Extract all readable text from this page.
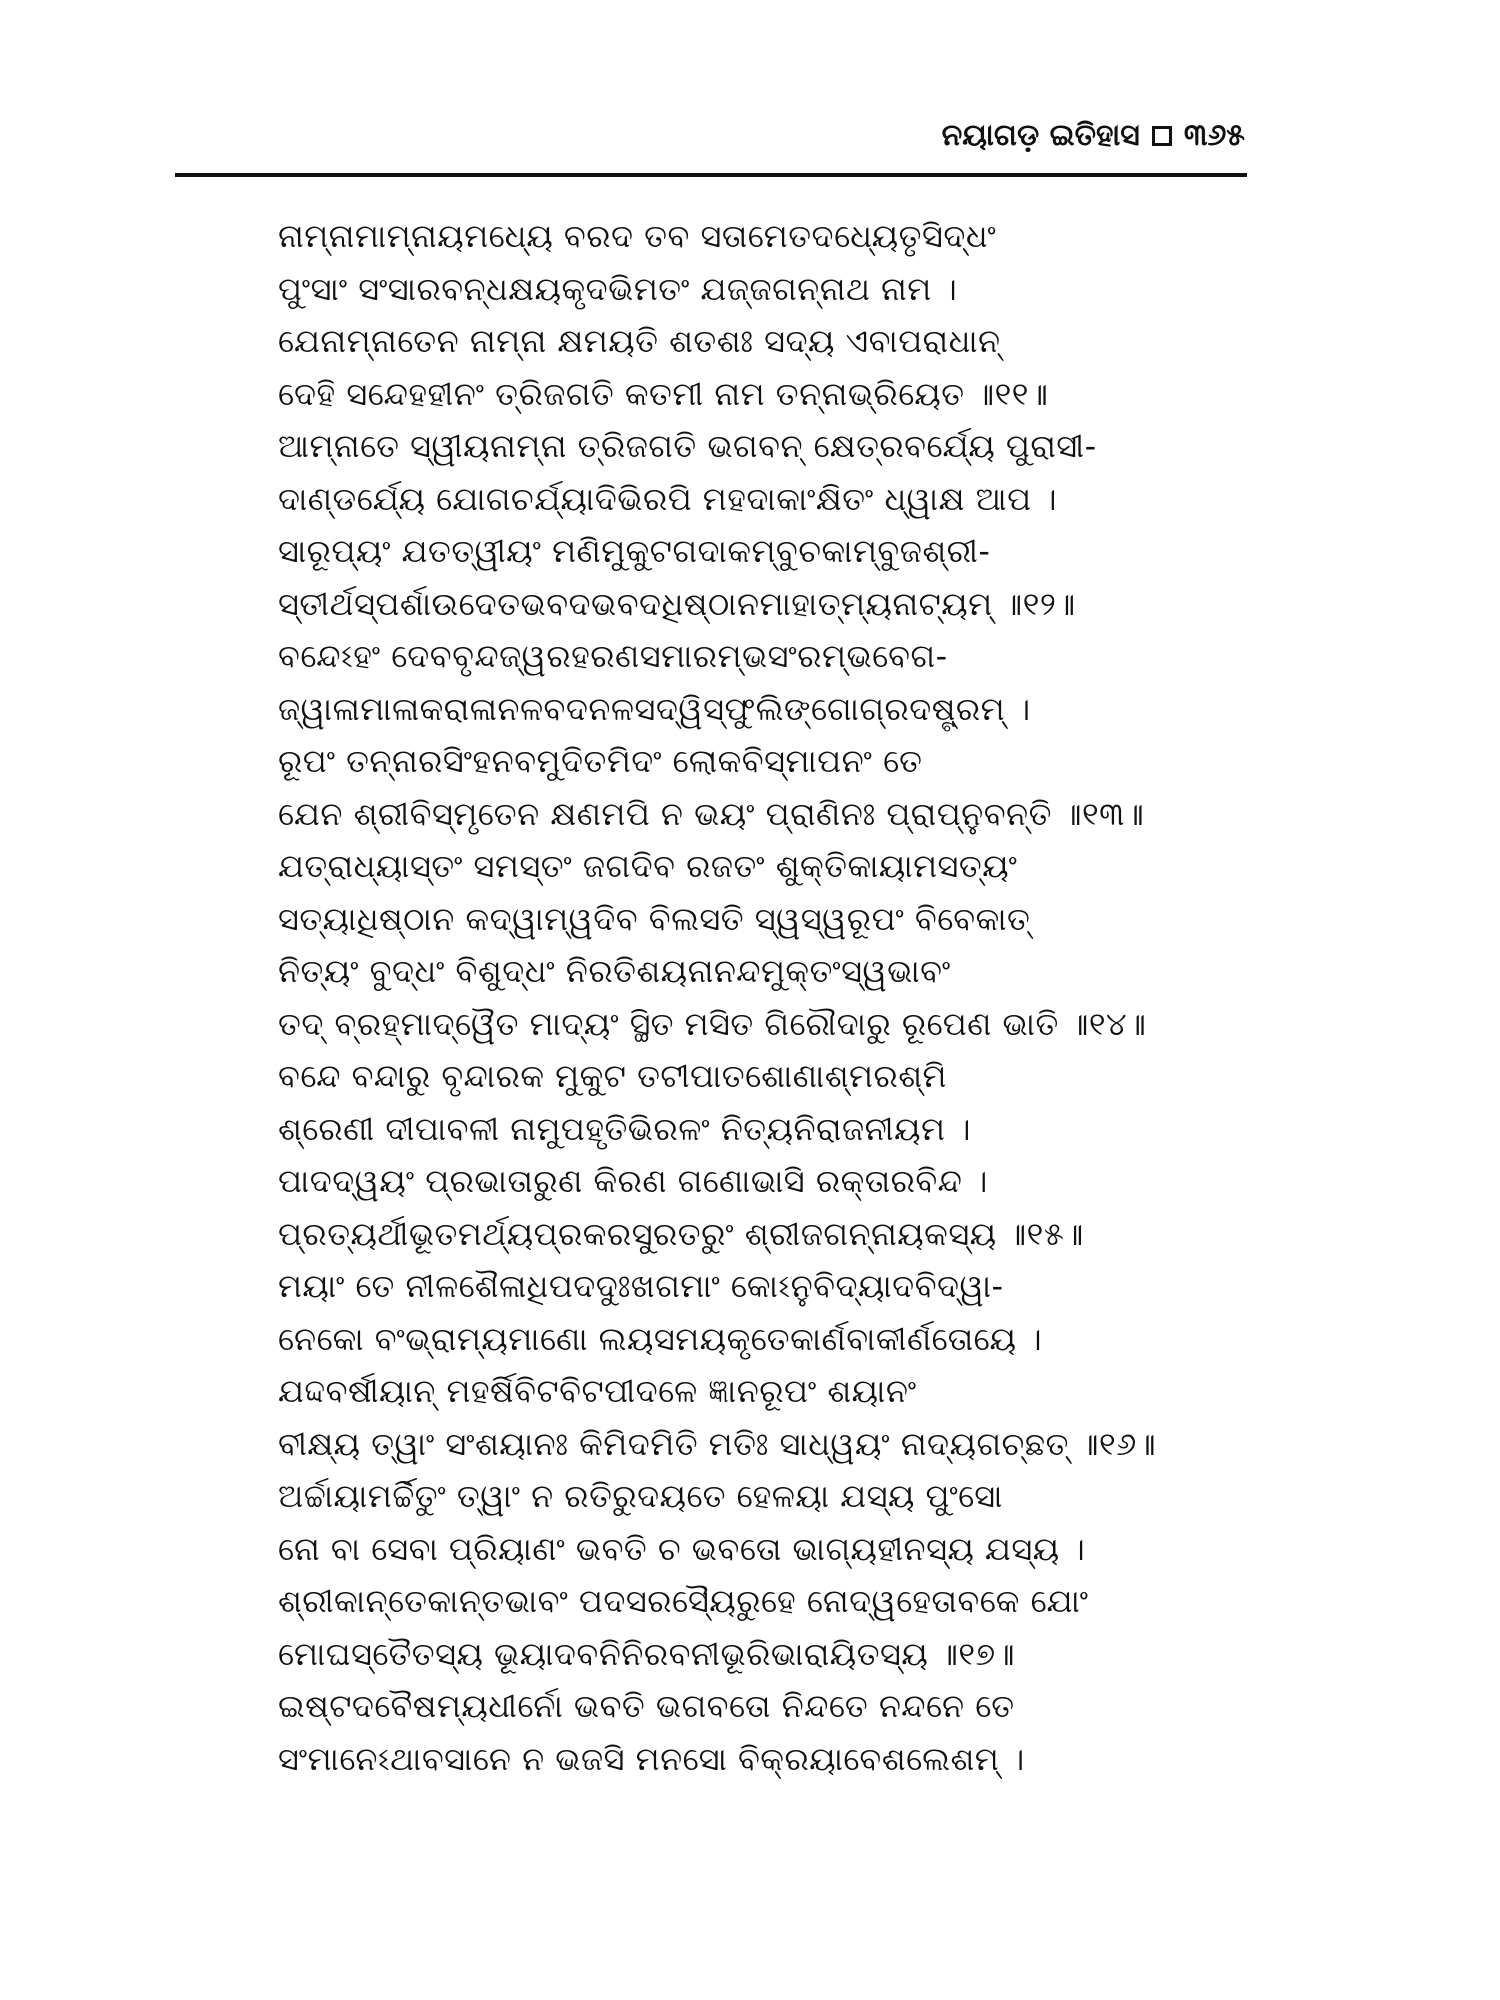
ନୟାଗଡ଼ ଇତିହାସ ୩୬୫
ନାମ୍ନାମାମ୍ନାୟମଧ୍ୟେ ବରଦ ତବ ସତାମେତଦଧ୍ୟେତୃସିଦ୍ଧଂ
ପୁଂସାଂ ସଂସାରବନ୍ଧକ୍ଷୟକୃଦଭିମତଂ ଯଜ୍ଜଗନ୍ନାଥ ନାମ ।
ଯେନାମ୍ନାତେନ ନାମ୍ନା କ୍ଷମୟତି ଶତଶଃ ସଦ୍ୟ ଏବାପରାଧାନ୍
ଦେହି ସନ୍ଦେହହୀନଂ ତ୍ରିଜଗତି କତମୀ ନାମ ତନ୍ନାଭ୍ରିୟେତ ॥୧୧॥
ଆମ୍ନାତେ ସ୍ୱୀୟନାମ୍ନା ତ୍ରିଜଗତି ଭଗବନ୍ କ୍ଷେତ୍ରବର୍ଯ୍ୟେ ପୁରାସୀ-
ଦାଣ୍ଡର୍ଯ୍ୟେ ଯୋଗଚର୍ଯ୍ୟାଦିଭିରପି ମହଦାକାଂକ୍ଷିତଂ ଧ୍ୱାକ୍ଷ ଆପ ।
ସାରୂପ୍ୟଂ ଯତତ୍ୱୀୟଂ ମଣିମୁକୁଟଗଦାକମ୍ବୁଚକାମ୍ବୁଜଶ୍ରୀ-
ସ୍ତୀର୍ଥସ୍ପର୍ଶାଉଦେତଭବଦଭବଦଧିଷ୍ଠାନମାହାତ୍ମ୍ୟନାଟ୍ୟମ୍ ॥୧୨॥
ବନ୍ଦେଽହଂ ଦେବବୃନ୍ଦଜ୍ୱରହରଣସମାରମ୍ଭସଂରମ୍ଭବେଗ-
ଜ୍ୱାଳାମାଳାକରାଳାନଳବଦନଳସଦ୍ୱିସ୍ଫୁଲିଙ୍ଗୋଗ୍ରଦଷ୍ଟ୍ରମ୍ ।
ରୂପଂ ତନ୍ନାରସିଂହନବମୁଦିତମିଦଂ ଲୋକବିସ୍ମାପନଂ ତେ
ଯେନ ଶ୍ରୀବିସ୍ମୃତେନ କ୍ଷଣମପି ନ ଭୟଂ ପ୍ରାଣିନଃ ପ୍ରାପ୍ନୁବନ୍ତି ॥୧୩॥
ଯତ୍ରାଧ୍ୟାସ୍ତଂ ସମସ୍ତଂ ଜଗଦିବ ରଜତଂ ଶୁକ୍ତିକାୟାମସତ୍ୟଂ
ସତ୍ୟାଧିଷ୍ଠାନ କଦ୍ୱାମ୍ୱଦିବ ବିଲସତି ସ୍ୱସ୍ୱରୂପଂ ବିବେକାତ୍
ନିତ୍ୟଂ ବୁଦ୍ଧଂ ବିଶୁଦ୍ଧଂ ନିରତିଶୟନାନନ୍ଦମୁକ୍ତଂସ୍ୱଭାବଂ
ତଦ୍ ବ୍ରହ୍ମାଦ୍ୱୈତ ମାଦ୍ୟଂ ସ୍ଥିତ ମସିତ ଗିରୌଦାରୁ ରୂପେଣ ଭାତି ॥୧୪॥
ବନ୍ଦେ ବନ୍ଦାରୁ ବୃନ୍ଦାରକ ମୁକୁଟ ତଟୀପାତଶୋଣାଶ୍ମରଶ୍ମି
ଶ୍ରେଣୀ ଦୀପାବଳୀ ନାମୁପହୃତିଭିରଳଂ ନିତ୍ୟନିରାଜନୀୟମ ।
ପାଦଦ୍ୱୟଂ ପ୍ରଭାତାରୁଣ କିରଣ ଗଣୋଭାସି ରକ୍ତାରବିନ୍ଦ ।
ପ୍ରତ୍ୟର୍ଥୀଭୂତମର୍ଥ୍ୟପ୍ରକରସୁରତରୁଂ ଶ୍ରୀଜଗନ୍ନାୟକସ୍ୟ ॥୧୫॥
ମୟାଂ ତେ ନୀଳଶୈଳାଧିପଦଦୁଃଖଗମାଂ କୋଽନୁବିଦ୍ୟାଦବିଦ୍ୱା-
ନେକୋ ବଂଭ୍ରାମ୍ୟମାଣୋ ଲୟସମୟକୃତେକାର୍ଣବାକୀର୍ଣତୋୟେ ।
ଯଦ୍ଦବର୍ଷୀୟାନ୍ ମହର୍ଷିବିଟବିଟପୀଦଳେ ଜ୍ଞାନରୂପଂ ଶୟାନଂ
ବୀକ୍ଷ୍ୟ ତ୍ୱାଂ ସଂଶୟାନଃ କିମିଦମିତି ମତିଃ ସାଧ୍ୱୟଂ ନାଦ୍ୟଗଚ୍ଛତ୍ ॥୧୬॥
ଅର୍ଚ୍ଚାୟାମର୍ଚ୍ଚିତୁଂ ତ୍ୱାଂ ନ ରତିରୁଦୟତେ ହେଳୟା ଯସ୍ୟ ପୁଂସୋ
ନୋ ବା ସେବା ପ୍ରିୟାଣଂ ଭବତି ଚ ଭବତୋ ଭାଗ୍ୟହୀନସ୍ୟ ଯସ୍ୟ ।
ଶ୍ରୀକାନ୍ତେକାନ୍ତଭାବଂ ପଦସରସୈ୍ୟରୁହେ ନୋଦ୍ୱହେତାବକେ ଯୋଂ
ମୋଘସ୍ତୈତସ୍ୟ ଭୂୟାଦବନିନିରବନୀଭୂରିଭାରାୟିତସ୍ୟ ॥୧୭॥
ଇଷ୍ଟଦବୈଷମ୍ୟଧୀର୍ନୋ ଭବତି ଭଗବତୋ ନିନ୍ଦତେ ନନ୍ଦନେ ତେ
ସଂମାନେଽଥାବସାନେ ନ ଭଜସି ମନସୋ ବିକ୍ରୟାବେଶଲେଶମ୍ ।
